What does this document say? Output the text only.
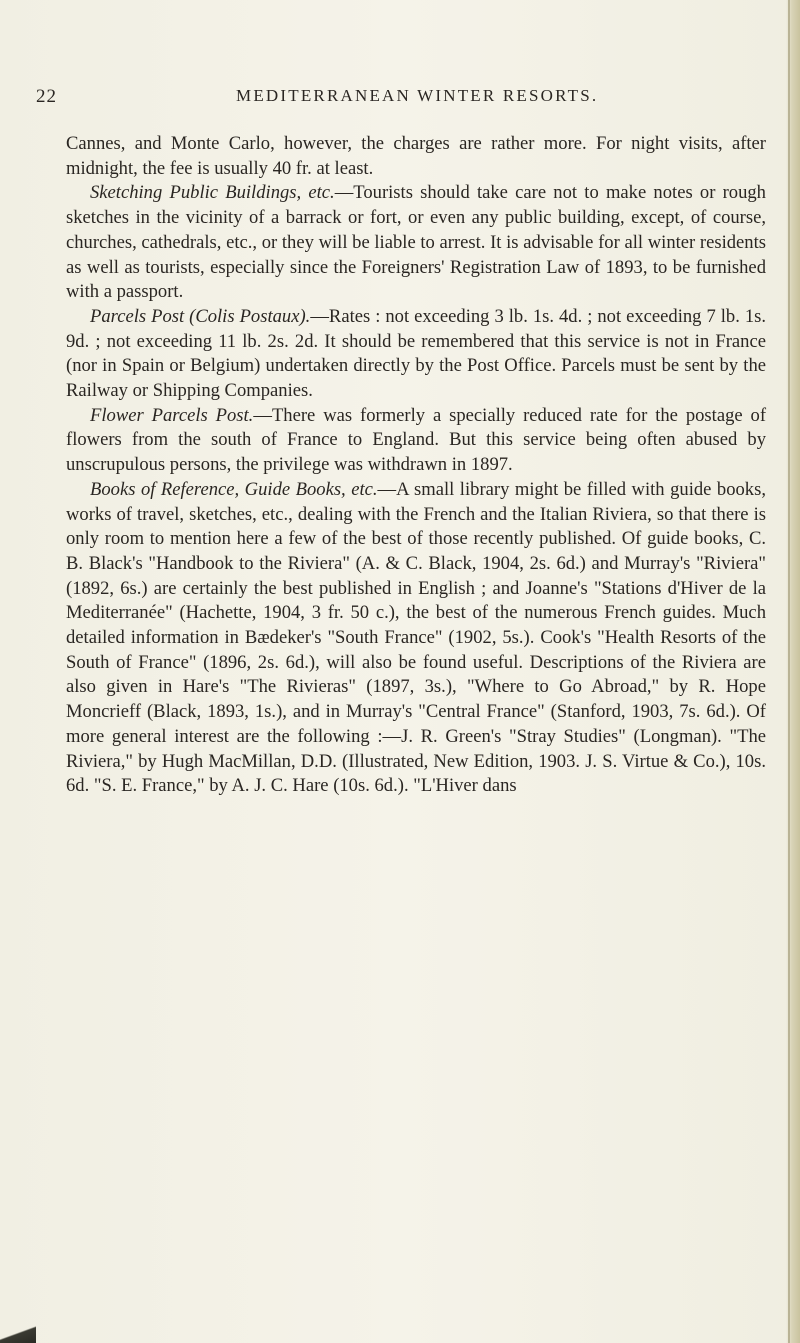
22	MEDITERRANEAN WINTER RESORTS.

Cannes, and Monte Carlo, however, the charges are rather more. For night visits, after midnight, the fee is usually 40 fr. at least.

Sketching Public Buildings, etc.—Tourists should take care not to make notes or rough sketches in the vicinity of a barrack or fort, or even any public building, except, of course, churches, cathedrals, etc., or they will be liable to arrest. It is advisable for all winter residents as well as tourists, especially since the Foreigners' Registration Law of 1893, to be furnished with a passport.

Parcels Post (Colis Postaux).—Rates : not exceeding 3 lb. 1s. 4d. ; not exceeding 7 lb. 1s. 9d. ; not exceeding 11 lb. 2s. 2d. It should be remembered that this service is not in France (nor in Spain or Belgium) undertaken directly by the Post Office. Parcels must be sent by the Railway or Shipping Companies.

Flower Parcels Post.—There was formerly a specially reduced rate for the postage of flowers from the south of France to England. But this service being often abused by unscrupulous persons, the privilege was withdrawn in 1897.

Books of Reference, Guide Books, etc.—A small library might be filled with guide books, works of travel, sketches, etc., dealing with the French and the Italian Riviera, so that there is only room to mention here a few of the best of those recently published. Of guide books, C. B. Black's "Handbook to the Riviera" (A. & C. Black, 1904, 2s. 6d.) and Murray's "Riviera" (1892, 6s.) are certainly the best published in English ; and Joanne's "Stations d'Hiver de la Mediterranée" (Hachette, 1904, 3 fr. 50 c.), the best of the numerous French guides. Much detailed information in Bædeker's "South France" (1902, 5s.). Cook's "Health Resorts of the South of France" (1896, 2s. 6d.), will also be found useful. Descriptions of the Riviera are also given in Hare's "The Rivieras" (1897, 3s.), "Where to Go Abroad," by R. Hope Moncrieff (Black, 1893, 1s.), and in Murray's "Central France" (Stanford, 1903, 7s. 6d.). Of more general interest are the following :—J. R. Green's "Stray Studies" (Longman). "The Riviera," by Hugh MacMillan, D.D. (Illustrated, New Edition, 1903. J. S. Virtue & Co.), 10s. 6d. "S. E. France," by A. J. C. Hare (10s. 6d.). "L'Hiver dans
